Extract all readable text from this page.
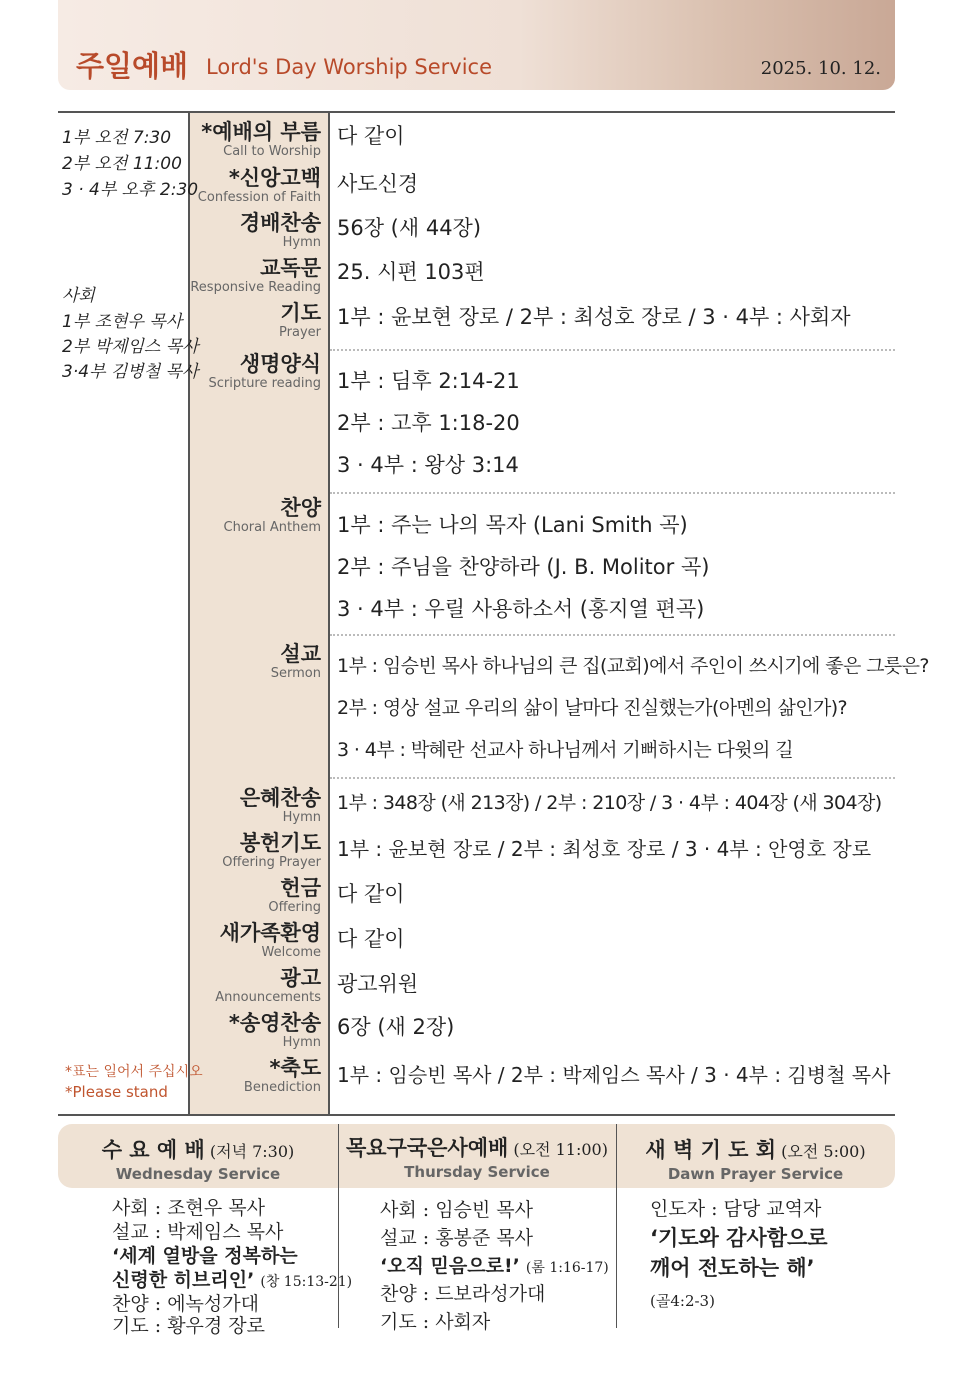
주일예배 Lord's Day Worship Service	2025. 10. 12.
1부 오전 7:30
2부 오전 11:00
3 · 4부 오후 2:30
사회
1부 조현우 목사
2부 박제임스 목사
3·4부 김병철 목사
*예배의 부름
Call to Worship
*신앙고백
Confession of Faith
경배찬송
Hymn
교독문
Responsive Reading
기도
Prayer
생명양식
Scripture reading
찬양
Choral Anthem
설교
Sermon
은혜찬송
Hymn
봉헌기도
Offering Prayer
헌금
Offering
새가족환영
Welcome
광고
Announcements
*송영찬송
Hymn
*축도
Benediction
다 같이
사도신경
56장 (새 44장)
25. 시편 103편
1부 : 윤보현 장로 / 2부 : 최성호 장로 / 3 · 4부 : 사회자
1부 : 딤후 2:14-21
2부 : 고후 1:18-20
3 · 4부 : 왕상 3:14
1부 : 주는 나의 목자 (Lani Smith 곡)
2부 : 주님을 찬양하라 (J. B. Molitor 곡)
3 · 4부 : 우릴 사용하소서 (홍지열 편곡)
1부 : 임승빈 목사 하나님의 큰 집(교회)에서 주인이 쓰시기에 좋은 그릇은?
2부 : 영상 설교 우리의 삶이 날마다 진실했는가(아멘의 삶인가)?
3 · 4부 : 박혜란 선교사 하나님께서 기뻐하시는 다윗의 길
1부 : 348장 (새 213장) / 2부 : 210장 / 3 · 4부 : 404장 (새 304장)
1부 : 윤보현 장로 / 2부 : 최성호 장로 / 3 · 4부 : 안영호 장로
다 같이
다 같이
광고위원
6장 (새 2장)
1부 : 임승빈 목사 / 2부 : 박제임스 목사 / 3 · 4부 : 김병철 목사
*표는 일어서 주십시오
*Please stand
수 요 예 배 (저녁 7:30)
Wednesday Service
목요구국은사예배 (오전 11:00)
Thursday Service
새 벽 기 도 회 (오전 5:00)
Dawn Prayer Service
사회 : 조현우 목사
설교 : 박제임스 목사
‘세계 열방을 정복하는
신령한 히브리인’ (창 15:13-21)
찬양 : 에녹성가대
기도 : 황우경 장로
사회 : 임승빈 목사
설교 : 홍봉준 목사
‘오직 믿음으로!’ (롬 1:16-17)
찬양 : 드보라성가대
기도 : 사회자
인도자 : 담당 교역자
‘기도와 감사함으로
깨어 전도하는 해’
(골4:2-3)
